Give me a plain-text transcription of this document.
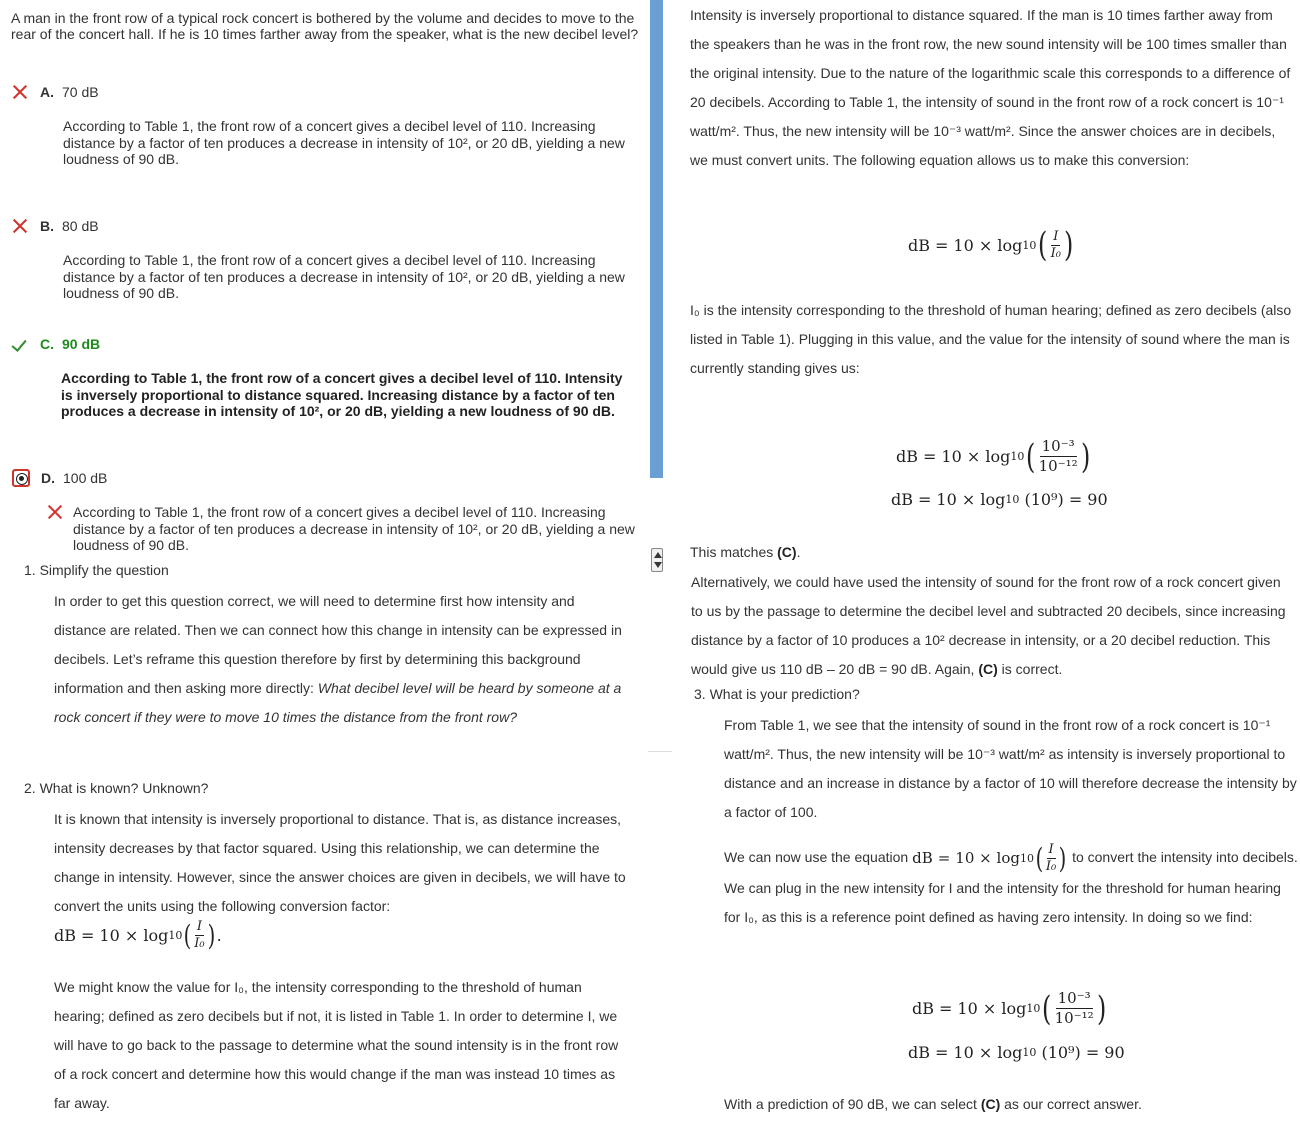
A man in the front row of a typical rock concert is bothered by the volume and decides to move to the rear of the concert hall. If he is 10 times farther away from the speaker, what is the new decibel level?
A. 70 dB
According to Table 1, the front row of a concert gives a decibel level of 110. Increasing distance by a factor of ten produces a decrease in intensity of 10², or 20 dB, yielding a new loudness of 90 dB.
B. 80 dB
According to Table 1, the front row of a concert gives a decibel level of 110. Increasing distance by a factor of ten produces a decrease in intensity of 10², or 20 dB, yielding a new loudness of 90 dB.
C. 90 dB
According to Table 1, the front row of a concert gives a decibel level of 110. Intensity is inversely proportional to distance squared. Increasing distance by a factor of ten produces a decrease in intensity of 10², or 20 dB, yielding a new loudness of 90 dB.
D. 100 dB
According to Table 1, the front row of a concert gives a decibel level of 110. Increasing distance by a factor of ten produces a decrease in intensity of 10², or 20 dB, yielding a new loudness of 90 dB.
1. Simplify the question
In order to get this question correct, we will need to determine first how intensity and distance are related. Then we can connect how this change in intensity can be expressed in decibels. Let’s reframe this question therefore by first by determining this background information and then asking more directly: What decibel level will be heard by someone at a rock concert if they were to move 10 times the distance from the front row?
2. What is known? Unknown?
It is known that intensity is inversely proportional to distance. That is, as distance increases, intensity decreases by that factor squared. Using this relationship, we can determine the change in intensity. However, since the answer choices are given in decibels, we will have to convert the units using the following conversion factor:
dB = 10 ×
log 10 ( $\frac{I}{\text{I₀}}$ ) .
We might know the value for I₀, the intensity corresponding to the threshold of human hearing; defined as zero decibels but if not, it is listed in Table 1. In order to determine I, we will have to go back to the passage to determine what the sound intensity is in the front row of a rock concert and determine how this would change if the man was instead 10 times as far away.
Intensity is inversely proportional to distance squared. If the man is 10 times farther away from the speakers than he was in the front row, the new sound intensity will be 100 times smaller than the original intensity. Due to the nature of the logarithmic scale this corresponds to a difference of 20 decibels. According to Table 1, the intensity of sound in the front row of a rock concert is 10⁻¹ watt/m². Thus, the new intensity will be 10⁻³ watt/m². Since the answer choices are in decibels, we must convert units. The following equation allows us to make this conversion:
dB = 10 ×
log 10 ( $\frac{I}{\text{I₀}}$ )
I₀ is the intensity corresponding to the threshold of human hearing; defined as zero decibels (also listed in Table 1). Plugging in this value, and the value for the intensity of sound where the man is currently standing gives us:
dB = 10 ×
log 10 ( $\frac{\text{10⁻³}}{\text{10⁻¹²}}$ )
dB = 10 ×
log 10
(10⁹)
= 90
This matches (C).
Alternatively, we could have used the intensity of sound for the front row of a rock concert given to us by the passage to determine the decibel level and subtracted 20 decibels, since increasing distance by a factor of 10 produces a 10² decrease in intensity, or a 20 decibel reduction. This would give us 110 dB – 20 dB = 90 dB. Again, (C) is correct.
3. What is your prediction?
From Table 1, we see that the intensity of sound in the front row of a rock concert is 10⁻¹ watt/m². Thus, the new intensity will be 10⁻³ watt/m² as intensity is inversely proportional to distance and an increase in distance by a factor of 10 will therefore decrease the intensity by a factor of 100.
We can now use the equation dB = 10 ×
log 10 ( $\frac{I}{\text{I₀}}$ ) to convert the intensity into decibels. We can plug in the new intensity for I and the intensity for the threshold for human hearing for I₀, as this is a reference point defined as having zero intensity. In doing so we find:
dB = 10 ×
log 10 ( $\frac{\text{10⁻³}}{\text{10⁻¹²}}$ )
dB = 10 ×
log 10
(10⁹)
= 90
With a prediction of 90 dB, we can select (C) as our correct answer.
